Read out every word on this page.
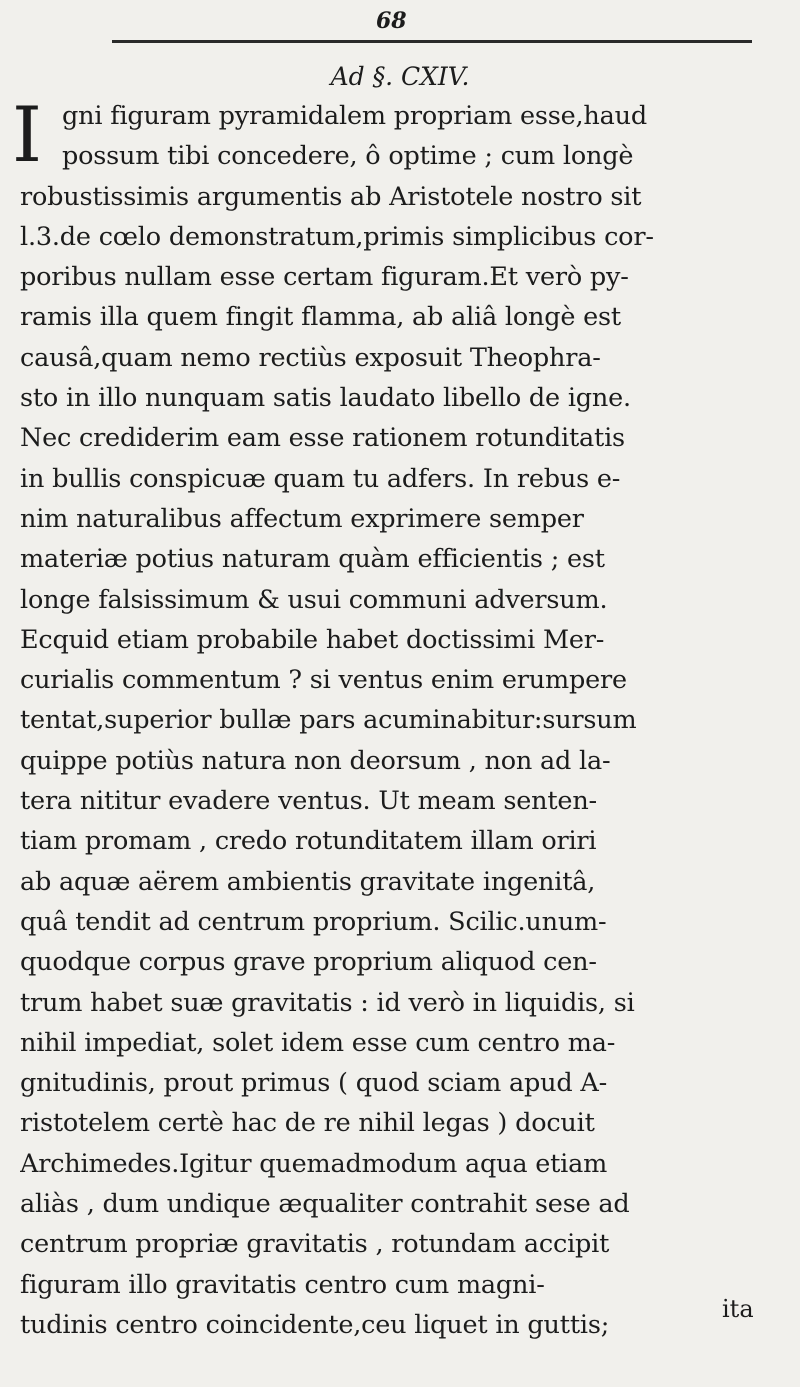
68
Ad §. CXIV.
I gni figuram pyramidalem propriam esse,haud
possum tibi concedere, ô optime ; cum longè
robustissimis argumentis ab Aristotele nostro sit
l.3.de cœlo demonstratum,primis simplicibus cor-
poribus nullam esse certam figuram.Et verò py-
ramis illa quem fingit flamma, ab aliâ longè est
causâ,quam nemo rectiùs exposuit Theophra-
sto in illo nunquam satis laudato libello de igne.
Nec crediderim eam esse rationem rotunditatis
in bullis conspicuæ quam tu adfers. In rebus e-
nim naturalibus affectum exprimere semper
materiæ potius naturam quàm efficientis ; est
longe falsissimum & usui communi adversum.
Ecquid etiam probabile habet doctissimi Mer-
curialis commentum ? si ventus enim erumpere
tentat,superior bullæ pars acuminabitur:sursum
quippe potiùs natura non deorsum , non ad la-
tera nititur evadere ventus. Ut meam senten-
tiam promam , credo rotunditatem illam oriri
ab aquæ aërem ambientis gravitate ingenitâ,
quâ tendit ad centrum proprium. Scilic.unum-
quodque corpus grave proprium aliquod cen-
trum habet suæ gravitatis : id verò in liquidis, si
nihil impediat, solet idem esse cum centro ma-
gnitudinis, prout primus ( quod sciam apud A-
ristotelem certè hac de re nihil legas ) docuit
Archimedes.Igitur quemadmodum aqua etiam
aliàs , dum undique æqualiter contrahit sese ad
centrum propriæ gravitatis , rotundam accipit
figuram illo gravitatis centro cum magni-
tudinis centro coincidente,ceu liquet in guttis;
ita
